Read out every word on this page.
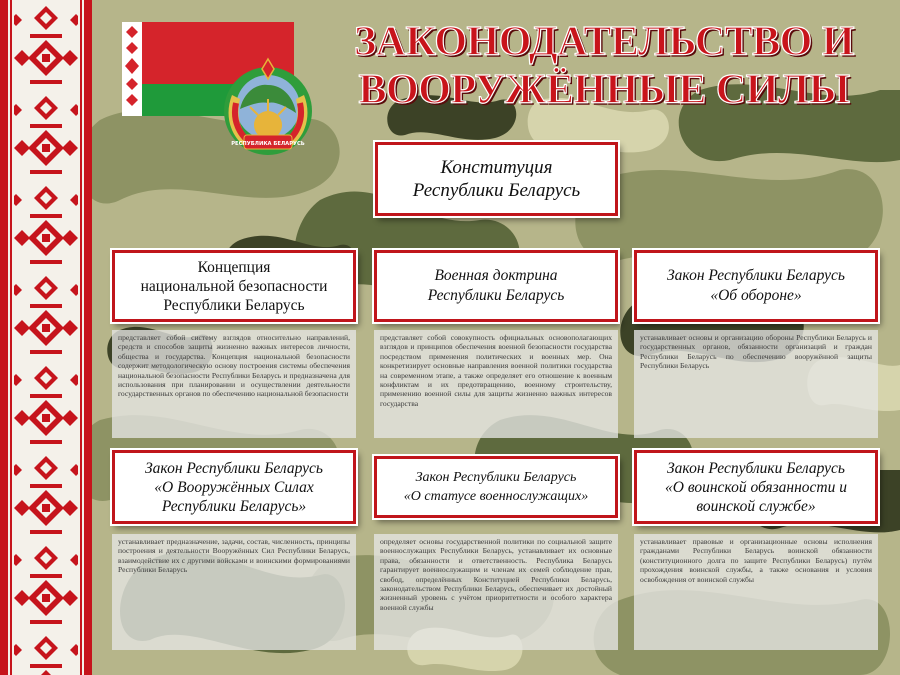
РЕСПУБЛИКА БЕЛАРУСЬ
ЗАКОНОДАТЕЛЬСТВО И
ВООРУЖЁННЫЕ СИЛЫ
Конституция
Республики Беларусь
Концепция
национальной безопасности
Республики Беларусь
представляет собой систему взглядов относительно направлений, средств и способов защиты жизненно важных интересов личности, общества и государства. Концепция национальной безопасности содержит методологическую основу построения системы обеспечения национальной безопасности Республики Беларусь и предназначена для использования при планировании и осуществлении деятельности государственных органов по обеспечению национальной безопасности
Военная доктрина
Республики Беларусь
представляет собой совокупность официальных основополагающих взглядов и принципов обеспечения военной безопасности государства посредством применения политических и военных мер. Она конкретизирует основные направления военной политики государства на современном этапе, а также определяет его отношение к военным конфликтам и их предотвращению, военному строительству, применению военной силы для защиты жизненно важных интересов государства
Закон Республики Беларусь
«Об обороне»
устанавливает основы и организацию обороны Республики Беларусь и государственных органов, обязанности организаций и граждан Республики Беларусь по обеспечению вооружённой защиты Республики Беларусь
Закон Республики Беларусь
«О Вооружённых Силах
Республики Беларусь»
устанавливает предназначение, задачи, состав, численность, принципы построения и деятельности Вооружённых Сил Республики Беларусь, взаимодействие их с другими войсками и воинскими формированиями Республики Беларусь
Закон Республики Беларусь
«О статусе военнослужащих»
определяет основы государственной политики по социальной защите военнослужащих Республики Беларусь, устанавливает их основные права, обязанности и ответственность. Республика Беларусь гарантирует военнослужащим и членам их семей соблюдение прав, свобод, определённых Конституцией Республики Беларусь, законодательством Республики Беларусь, обеспечивает их достойный жизненный уровень с учётом приоритетности и особого характера военной службы
Закон Республики Беларусь
«О воинской обязанности и
воинской службе»
устанавливает правовые и организационные основы исполнения гражданами Республики Беларусь воинской обязанности (конституционного долга по защите Республики Беларусь) путём прохождения воинской службы, а также основания и условия освобождения от воинской службы
